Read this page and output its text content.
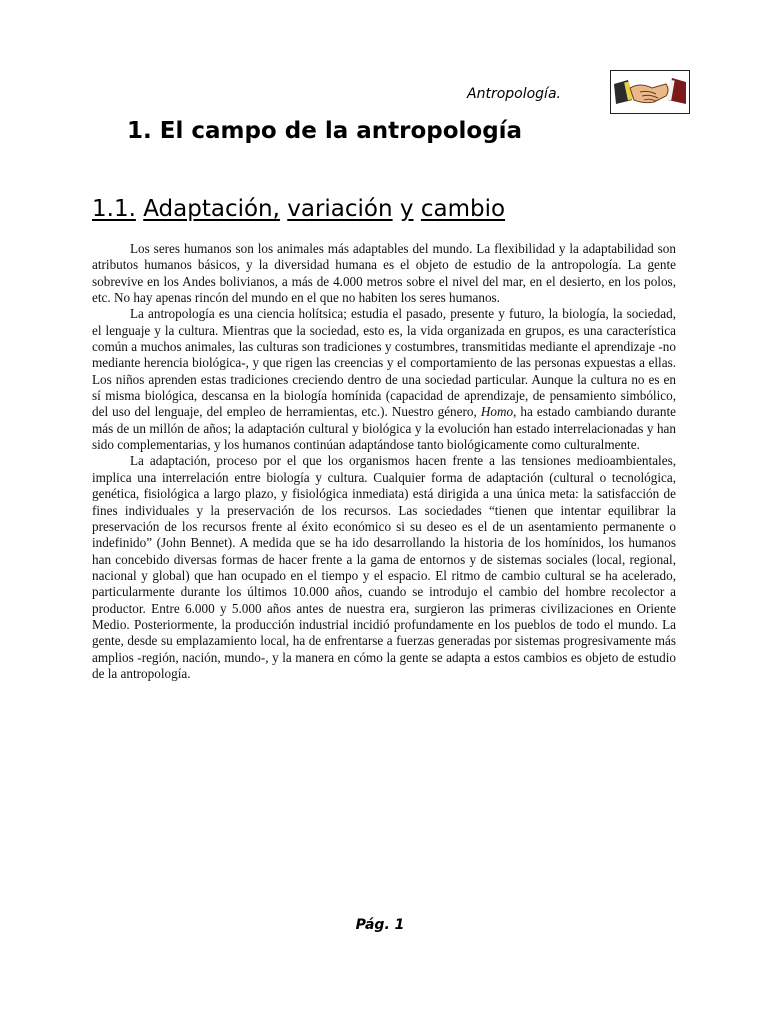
Antropología.
1. El campo de la antropología
1.1. Adaptación, variación y cambio

Los seres humanos son los animales más adaptables del mundo. La flexibilidad y la adaptabilidad son atributos humanos básicos, y la diversidad humana es el objeto de estudio de la antropología. La gente sobrevive en los Andes bolivianos, a más de 4.000 metros sobre el nivel del mar, en el desierto, en los polos, etc. No hay apenas rincón del mundo en el que no habiten los seres humanos.

La antropología es una ciencia holítsica; estudia el pasado, presente y futuro, la biología, la sociedad, el lenguaje y la cultura. Mientras que la sociedad, esto es, la vida organizada en grupos, es una característica común a muchos animales, las culturas son tradiciones y costumbres, transmitidas mediante el aprendizaje -no mediante herencia biológica-, y que rigen las creencias y el comportamiento de las personas expuestas a ellas. Los niños aprenden estas tradiciones creciendo dentro de una sociedad particular. Aunque la cultura no es en sí misma biológica, descansa en la biología homínida (capacidad de aprendizaje, de pensamiento simbólico, del uso del lenguaje, del empleo de herramientas, etc.). Nuestro género, Homo, ha estado cambiando durante más de un millón de años; la adaptación cultural y biológica y la evolución han estado interrelacionadas y han sido complementarias, y los humanos continúan adaptándose tanto biológicamente como culturalmente.

La adaptación, proceso por el que los organismos hacen frente a las tensiones medioambientales, implica una interrelación entre biología y cultura. Cualquier forma de adaptación (cultural o tecnológica, genética, fisiológica a largo plazo, y fisiológica inmediata) está dirigida a una única meta: la satisfacción de fines individuales y la preservación de los recursos. Las sociedades “tienen que intentar equilibrar la preservación de los recursos frente al éxito económico si su deseo es el de un asentamiento permanente o indefinido” (John Bennet). A medida que se ha ido desarrollando la historia de los homínidos, los humanos han concebido diversas formas de hacer frente a la gama de entornos y de sistemas sociales (local, regional, nacional y global) que han ocupado en el tiempo y el espacio. El ritmo de cambio cultural se ha acelerado, particularmente durante los últimos 10.000 años, cuando se introdujo el cambio del hombre recolector a productor. Entre 6.000 y 5.000 años antes de nuestra era, surgieron las primeras civilizaciones en Oriente Medio. Posteriormente, la producción industrial incidió profundamente en los pueblos de todo el mundo. La gente, desde su emplazamiento local, ha de enfrentarse a fuerzas generadas por sistemas progresivamente más amplios -región, nación, mundo-, y la manera en cómo la gente se adapta a estos cambios es objeto de estudio de la antropología.

Pág. 1
